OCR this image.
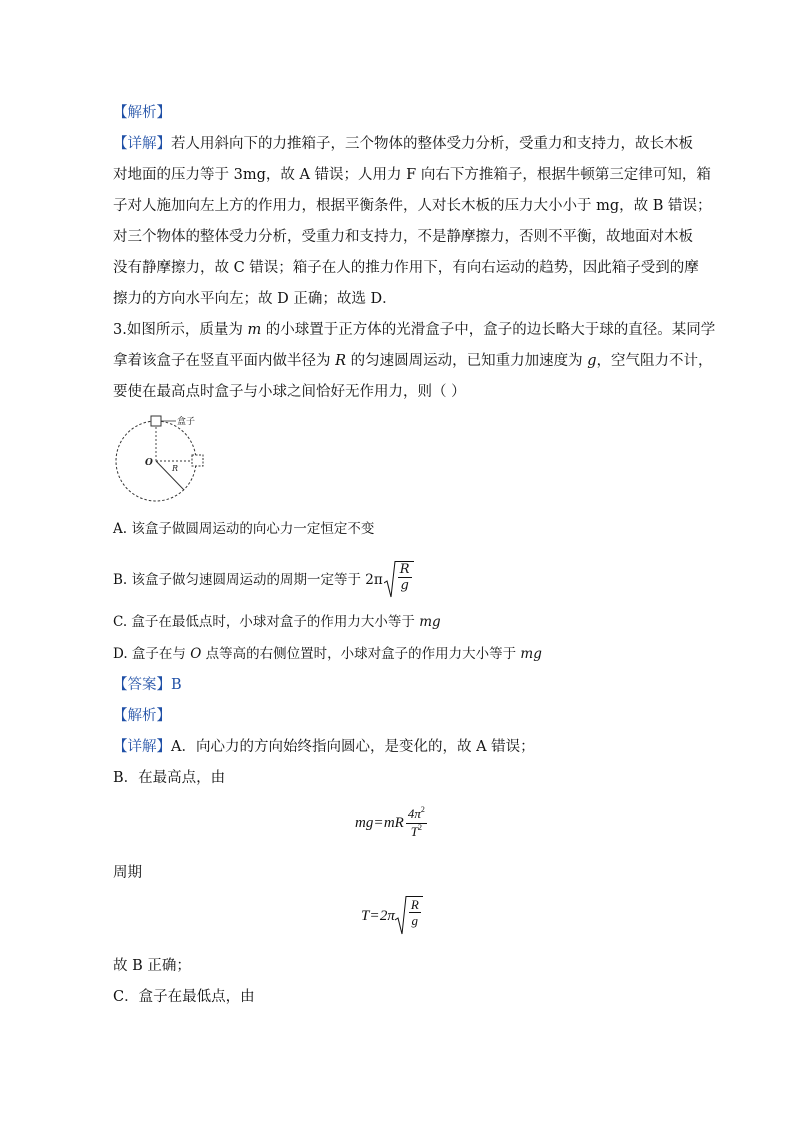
【解析】
【详解】若人用斜向下的力推箱子，三个物体的整体受力分析，受重力和支持力，故长木板
对地面的压力等于 3mg，故 A 错误；人用力 F 向右下方推箱子，根据牛顿第三定律可知，箱
子对人施加向左上方的作用力，根据平衡条件，人对长木板的压力大小小于 mg，故 B 错误；
对三个物体的整体受力分析，受重力和支持力，不是静摩擦力，否则不平衡，故地面对木板
没有静摩擦力，故 C 错误；箱子在人的推力作用下，有向右运动的趋势，因此箱子受到的摩
擦力的方向水平向左；故 D 正确；故选 D．
3.如图所示，质量为 m 的小球置于正方体的光滑盒子中，盒子的边长略大于球的直径。某同学
拿着该盒子在竖直平面内做半径为 R 的匀速圆周运动，已知重力加速度为 g，空气阻力不计，
要使在最高点时盒子与小球之间恰好无作用力，则（ ）
盒子
O
R
A. 该盒子做圆周运动的向心力一定恒定不变
B. 该盒子做匀速圆周运动的周期一定等于 $2\pi \frac{R}{g}$
C. 盒子在最低点时，小球对盒子的作用力大小等于 mg
D. 盒子在与 O 点等高的右侧位置时，小球对盒子的作用力大小等于 mg
【答案】B
【解析】
【详解】A．向心力的方向始终指向圆心，是变化的，故 A 错误；
B．在最高点，由
mg = mR $\frac{4\pi^2}{T^2}$
周期
$T = 2\pi \frac{R}{g}$
故 B 正确；
C．盒子在最低点，由
